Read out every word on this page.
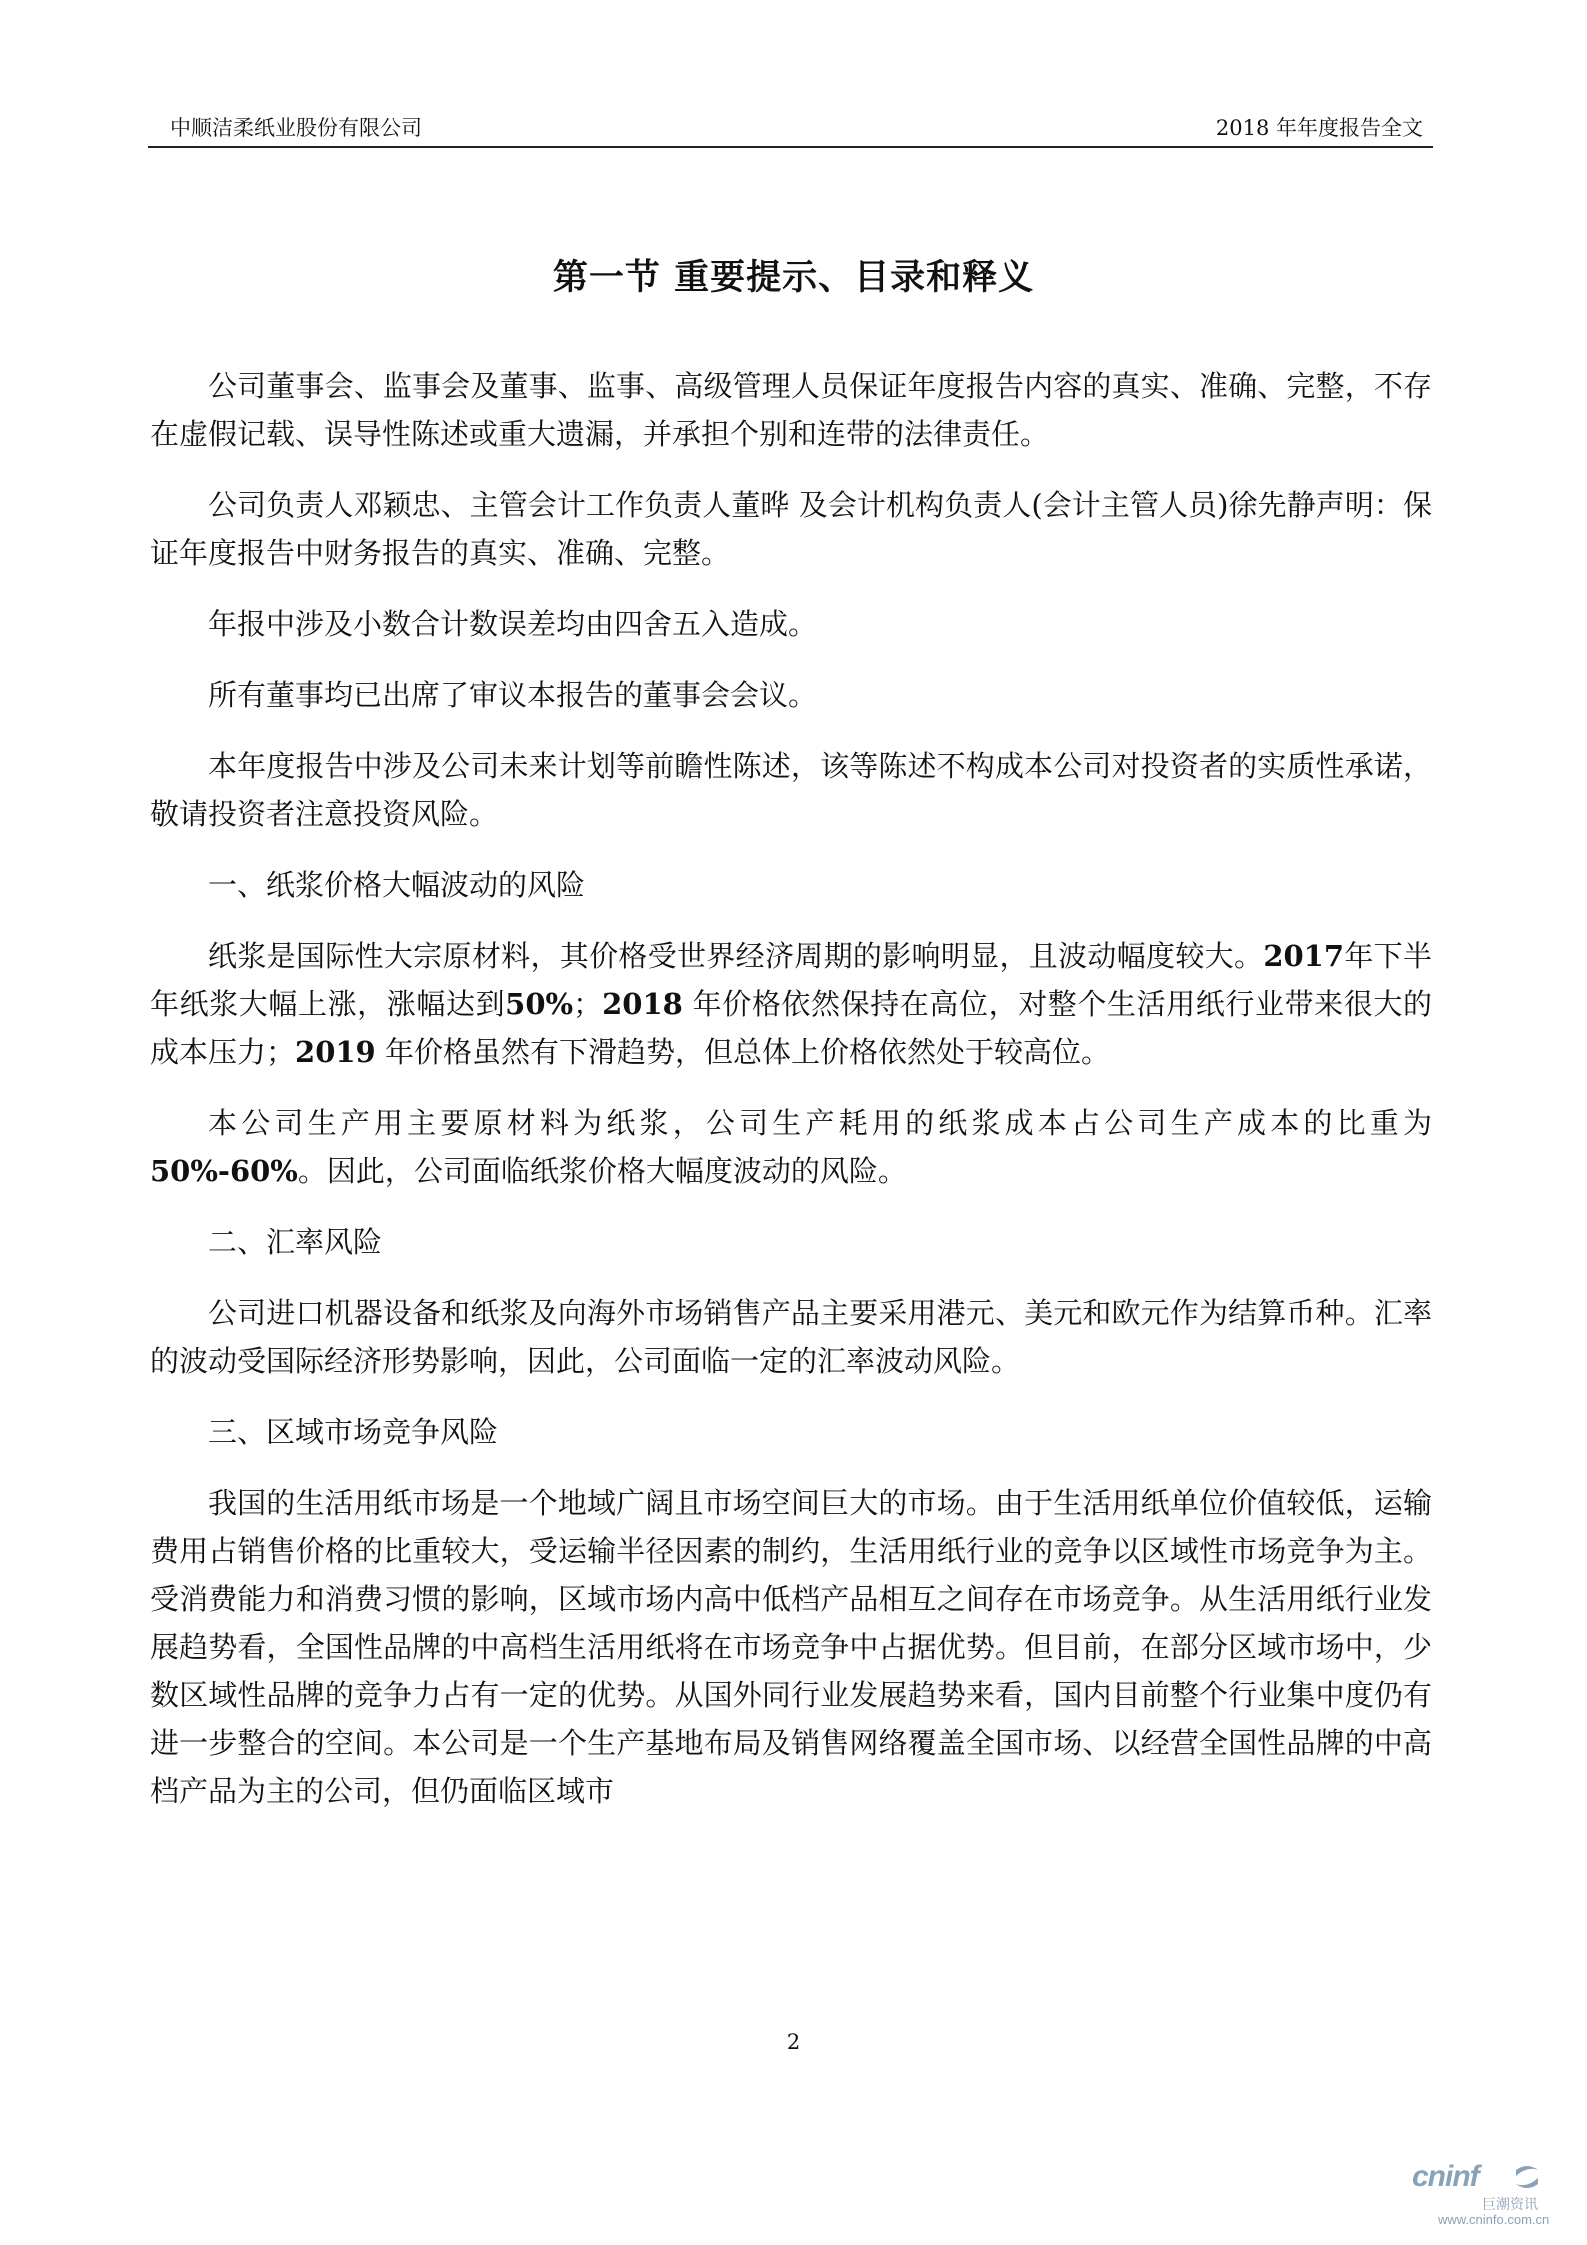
中顺洁柔纸业股份有限公司	2018 年年度报告全文
第一节 重要提示、目录和释义

公司董事会、监事会及董事、监事、高级管理人员保证年度报告内容的真实、准确、完整，不存在虚假记载、误导性陈述或重大遗漏，并承担个别和连带的法律责任。

公司负责人邓颖忠、主管会计工作负责人董晔 及会计机构负责人(会计主管人员)徐先静声明：保证年度报告中财务报告的真实、准确、完整。

年报中涉及小数合计数误差均由四舍五入造成。

所有董事均已出席了审议本报告的董事会会议。

本年度报告中涉及公司未来计划等前瞻性陈述，该等陈述不构成本公司对投资者的实质性承诺，敬请投资者注意投资风险。

一、纸浆价格大幅波动的风险

纸浆是国际性大宗原材料，其价格受世界经济周期的影响明显，且波动幅度较大。2017年下半年纸浆大幅上涨，涨幅达到50%；2018 年价格依然保持在高位，对整个生活用纸行业带来很大的成本压力；2019 年价格虽然有下滑趋势，但总体上价格依然处于较高位。

本公司生产用主要原材料为纸浆，公司生产耗用的纸浆成本占公司生产成本的比重为50%-60%。因此，公司面临纸浆价格大幅度波动的风险。

二、汇率风险

公司进口机器设备和纸浆及向海外市场销售产品主要采用港元、美元和欧元作为结算币种。汇率的波动受国际经济形势影响，因此，公司面临一定的汇率波动风险。

三、区域市场竞争风险

我国的生活用纸市场是一个地域广阔且市场空间巨大的市场。由于生活用纸单位价值较低，运输费用占销售价格的比重较大，受运输半径因素的制约，生活用纸行业的竞争以区域性市场竞争为主。受消费能力和消费习惯的影响，区域市场内高中低档产品相互之间存在市场竞争。从生活用纸行业发展趋势看，全国性品牌的中高档生活用纸将在市场竞争中占据优势。但目前，在部分区域市场中，少数区域性品牌的竞争力占有一定的优势。从国外同行业发展趋势来看，国内目前整个行业集中度仍有进一步整合的空间。本公司是一个生产基地布局及销售网络覆盖全国市场、以经营全国性品牌的中高档产品为主的公司，但仍面临区域市

2
cninf
巨潮资讯
www.cninfo.com.cn
